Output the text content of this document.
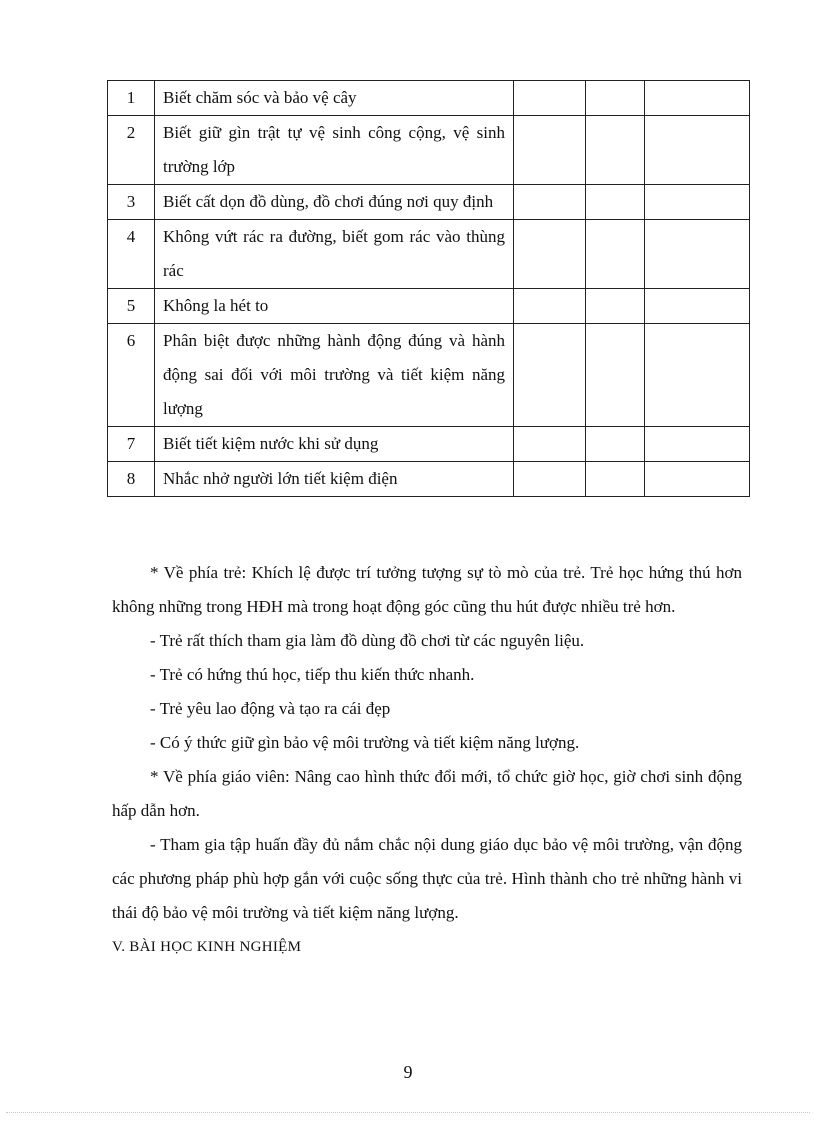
1	Biết chăm sóc và bảo vệ cây			
2	Biết giữ gìn trật tự vệ sinh công cộng, vệ sinh trường lớp			
3	Biết cất dọn đồ dùng, đồ chơi đúng nơi quy định			
4	Không vứt rác ra đường, biết gom rác vào thùng rác			
5	Không la hét to			
6	Phân biệt được những hành động đúng và hành động sai đối với môi trường và tiết kiệm năng lượng			
7	Biết tiết kiệm nước khi sử dụng			
8	Nhắc nhở người lớn tiết kiệm điện			

* Về phía trẻ: Khích lệ được trí tưởng tượng sự tò mò của trẻ. Trẻ học hứng thú hơn không những trong HĐH mà trong hoạt động góc cũng thu hút được nhiều trẻ hơn.

- Trẻ rất thích tham gia làm đồ dùng đồ chơi từ các nguyên liệu.

- Trẻ có hứng thú học, tiếp thu kiến thức nhanh.

- Trẻ yêu lao động và tạo ra cái đẹp

- Có ý thức giữ gìn bảo vệ môi trường và tiết kiệm năng lượng.

* Về phía giáo viên: Nâng cao hình thức đổi mới, tổ chức giờ học, giờ chơi sinh động hấp dẫn hơn.

- Tham gia tập huấn đầy đủ nắm chắc nội dung giáo dục bảo vệ môi trường, vận động các phương pháp phù hợp gắn với cuộc sống thực của trẻ. Hình thành cho trẻ những hành vi thái độ bảo vệ môi trường và tiết kiệm năng lượng.

V. BÀI HỌC KINH NGHIỆM

9
